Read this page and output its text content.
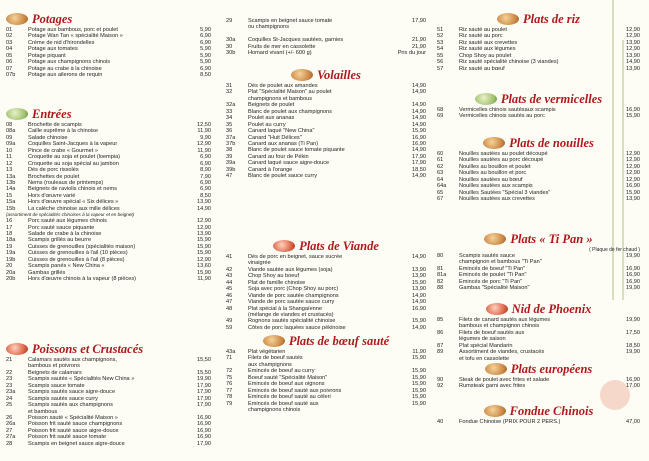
Potages
01	Potage aux bambous, porc et poulet	5,90
02	Potage Wan Tan « spécialité Maison »	6,90
03	Crème de nid d'hirondelles	6,90
04	Potage aux tomates	5,90
05	Potage piquant	5,90
06	Potage aux champignons chinois	5,90
07	Potage au crabe à la chinoise	6,90
07b	Potage aux ailerons de requin	8,50
Entrées
08	Brochette de scampis	12,50
08a	Caille suprême à la chinoise	11,90
09	Salade chinoise	9,90
09a	Coquilles Saint-Jacques à la vapeur	12,90
10	Pince de crabe « Gourmet »	11,90
11	Croquette au soja et poulet (loempia)	6,90
12	Croquette au soja spécial au jambon	6,90
13	Dés de porc rissolés	8,90
13a	Brochettes de poulet	7,90
13b	Nems (rouleaux de printemps)	6,90
14a	Beignets de raviolis chinois et nems	6,90
15	Hors d'œuvre varié	8,50
15a	Hors d'œuvre spécial « Six délices »	13,90
15b	La calèche chinoise aux mille délices	14,90
(assortiment de spécialités chinoises à la vapeur et en beignet)
16	Porc sauté aux légumes chinois	12,90
17	Porc sauté sauce piquante	12,90
18	Salade de crabe à la chinoise	13,90
18a	Scampis grillés au beurre	15,90
19	Cuisses de grenouilles (spécialités maison)	15,90
19a	Cuisses de grenouilles à l'ail (10 pièces)	15,90
19b	Cuisses de grenouilles à l'ail (8 pièces)	12,90
20	Scampis panés « New China »	13,60
20a	Gambas grillés	15,90
20b	Hors d'œuvre chinois à la vapeur (8 pièces)	11,90
Poissons et Crustacés
21	Calamars sautés aux champignons,	15,50
bambous et poivrons
22	Beignets de calamars	15,50
23	Scampis sautés « Spécialités New China »	19,90
23	Scampis sauce tomate	17,90
23a	Scampis sautés sauce aigre-douce	17,90
24	Scampis sautés sauce curry	17,90
25	Scampis sautés aux champignons	17,90
et bambous
26	Poisson sauté « Spécialité Maison »	16,90
26a	Poisson frit sauté sauce champignons	16,90
27	Poisson frit sauté sauce aigre-douce	16,90
27a	Poisson frit sauté sauce tomate	16,90
28	Scampis en beignet sauce aigre-douce	17,90
29	Scampis en beignet sauce tomate	17,90
ou champignons
30a	Coquilles St-Jacques sautées, garnies	21,90
30	Fruits de mer en cassolette	21,90
30b	Homard vivant (+/- 600 g)	Prix du jour
Volailles
31	Dés de poulet aux amandes	14,90
32	Plat "Spécialité Maison" au poulet	14,90
champignons et bambous
32a	Beignets de poulet	14,90
33	Blanc de poulet aux champignons	14,90
34	Poulet aux ananas	14,90
35	Poulet au curry	14,90
36	Canard laqué "New China"	15,90
37a	Canard "Huit Délices"	16,90
37b	Canard aux ananas (Ti Pan)	16,90
38	Blanc de poulet sauce tomate piquante	14,90
39	Canard au four de Pékin	17,90
39a	Canard laqué sauce aigre-douce	17,90
39b	Canard à l'orange	18,50
47	Blanc de poulet sauce curry	14,90
Plats de Viande
41	Dés de porc en beignet, sauce sucrée	14,90
vinaigrée
42	Viande sautée aux légumes (soja)	13,90
43	Chop Shoy au boeuf	13,90
44	Plat de famille chinoise	15,90
45	Soja avec porc (Chop Shoy au porc)	13,90
46	Viande de porc sautée champignons	14,90
47	Viande de porc sautée sauce curry	14,90
48	Plat spécial à la Shangaïenne	16,90
(mélange de viandes et crustacés)
49	Rognons sautés spécialité chinoise	15,90
59	Côtes de porc laquées sauce pékinoise	14,90
Plats de bœuf sauté
43a	Plat végétarien	11,90
71	Filets de boeuf sautés	15,90
aux champignons
72	Émincés de boeuf au curry	15,90
75	Boeuf sauté "Spécialité Maison"	15,90
76	Émincés de boeuf aux oignons	15,90
77	Émincés de boeuf sauté aux poivrons	15,90
78	Émincés de boeuf sauté au céleri	15,90
79	Émincés de boeuf sauté aux	15,90
champignons chinois
Plats de riz
51	Riz sauté au poulet	12,90
52	Riz sauté au porc	12,90
53	Riz sauté aux crevettes	13,90
54	Riz sauté aux légumes	12,90
55	Chop Shoy au poulet	13,90
56	Riz sauté spécialité chinoise (3 viandes)	14,90
57	Riz sauté au bœuf	13,90
Plats de vermicelles
68	Vermicelles chinois sautésaux scampis	16,90
69	Vermicelles chinois sautés au porc	15,90
Plats de nouilles
60	Nouilles sautées au poulet découpé	12,90
61	Nouilles sautées au porc découpé	12,90
62	Nouilles au bouillon et poulet	12,90
63	Nouilles au bouillon et porc	12,90
64	Nouilles sautées au bœuf	12,90
64a	Nouilles sautées aux scampis	16,90
65	Nouilles Sautées "Spécial 3 viandes"	15,90
67	Nouilles sautées aux crevettes	13,90
Plats « Ti Pan »
( Plaque de fer chaud )
80	Scampis sautés sauce	19,90
champignon et bambous "Ti Pan"
81	Émincés de boeuf "Ti Pan"	16,90
81a	Émincés de poulet "Ti Pan"	16,90
82	Émincés de porc "Ti Pan"	16,90
88	Gambas "Spécialité Maison"	19,90
Nid de Phoenix
85	Filets de canard sautés aux légumes	19,90
bambous et champignon chinois
86	Filets de boeuf sautés aux	17,50
légumes de saison
87	Plat spécial Mandarin	18,50
89	Assortiment de viandes, crustacés	19,90
et tofu en cassolette
Plats européens
90	Steak de poulet avec frites et salade	16,90
92	Rumsteak garni avec frites	17,00
Fondue Chinois
40	Fondue Chinoise (PRIX POUR 2 PERS.)	47,00
